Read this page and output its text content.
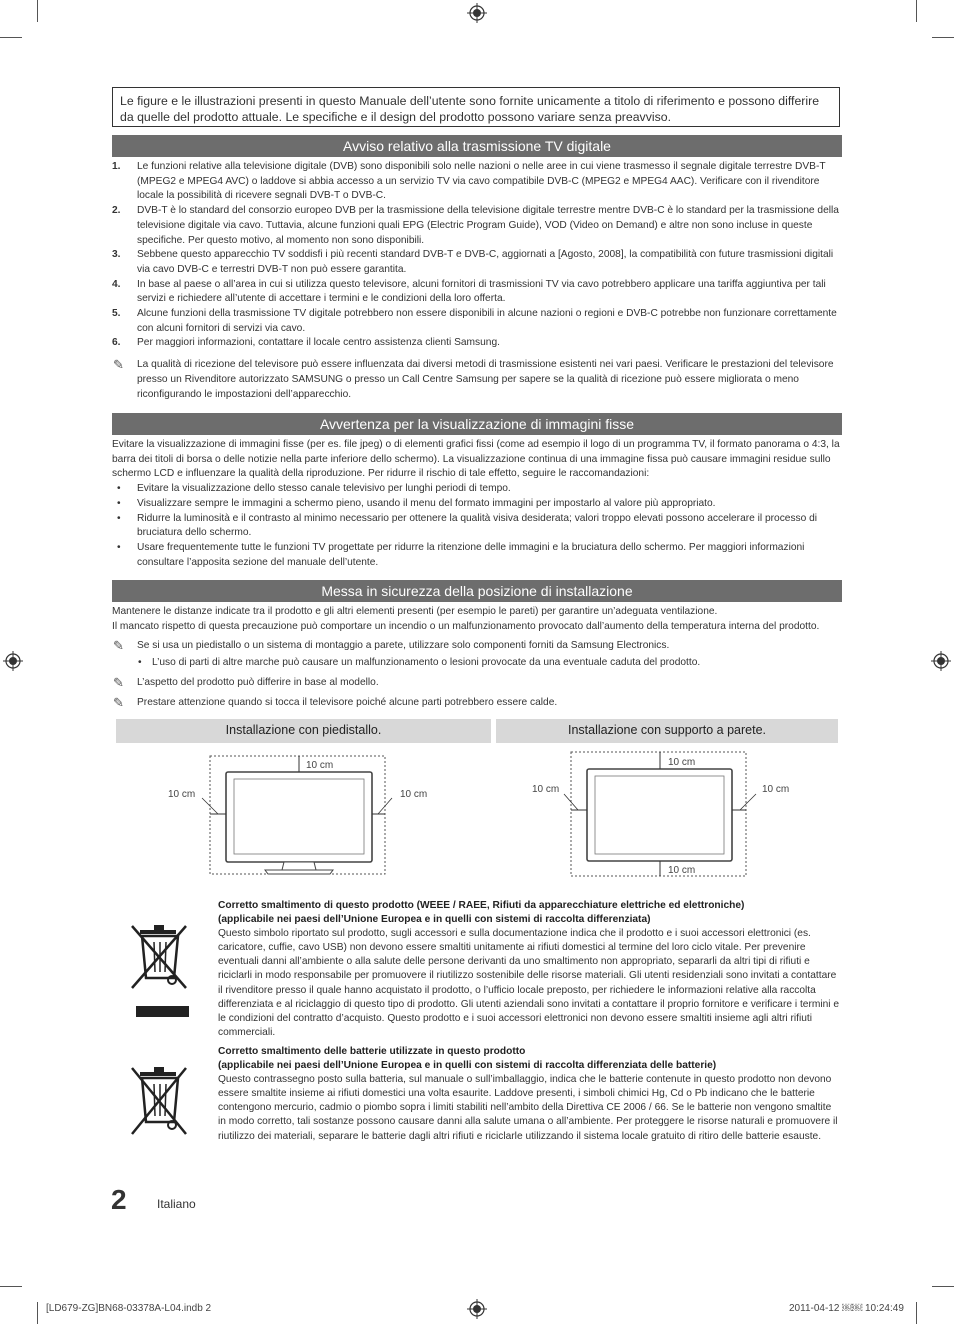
Le figure e le illustrazioni presenti in questo Manuale dell’utente sono fornite unicamente a titolo di riferimento e possono differire da quelle del prodotto attuale. Le specifiche e il design del prodotto possono variare senza preavviso.
Avviso relativo alla trasmissione TV digitale
1. Le funzioni relative alla televisione digitale (DVB) sono disponibili solo nelle nazioni o nelle aree in cui viene trasmesso il segnale digitale terrestre DVB-T (MPEG2 e MPEG4 AVC) o laddove si abbia accesso a un servizio TV via cavo compatibile DVB-C (MPEG2 e MPEG4 AAC). Verificare con il rivenditore locale la possibilità di ricevere segnali DVB-T o DVB-C.

2. DVB-T è lo standard del consorzio europeo DVB per la trasmissione della televisione digitale terrestre mentre DVB-C è lo standard per la trasmissione della televisione digitale via cavo. Tuttavia, alcune funzioni quali EPG (Electric Program Guide), VOD (Video on Demand) e altre non sono incluse in queste specifiche. Per questo motivo, al momento non sono disponibili.

3. Sebbene questo apparecchio TV soddisfi i più recenti standard DVB-T e DVB-C, aggiornati a [Agosto, 2008], la compatibilità con future trasmissioni digitali via cavo DVB-C e terrestri DVB-T non può essere garantita.

4. In base al paese o all’area in cui si utilizza questo televisore, alcuni fornitori di trasmissioni TV via cavo potrebbero applicare una tariffa aggiuntiva per tali servizi e richiedere all’utente di accettare i termini e le condizioni della loro offerta.

5. Alcune funzioni della trasmissione TV digitale potrebbero non essere disponibili in alcune nazioni o regioni e DVB-C potrebbe non funzionare correttamente con alcuni fornitori di servizi via cavo.

6. Per maggiori informazioni, contattare il locale centro assistenza clienti Samsung.

✎ La qualità di ricezione del televisore può essere influenzata dai diversi metodi di trasmissione esistenti nei vari paesi. Verificare le prestazioni del televisore presso un Rivenditore autorizzato SAMSUNG o presso un Call Centre Samsung per sapere se la qualità di ricezione può essere migliorata o meno riconfigurando le impostazioni dell’apparecchio.

Avvertenza per la visualizzazione di immagini fisse

Evitare la visualizzazione di immagini fisse (per es. file jpeg) o di elementi grafici fissi (come ad esempio il logo di un programma TV, il formato panorama o 4:3, la barra dei titoli di borsa o delle notizie nella parte inferiore dello schermo). La visualizzazione continua di una immagine fissa può causare immagini residue sullo schermo LCD e influenzare la qualità della riproduzione. Per ridurre il rischio di tale effetto, seguire le raccomandazioni:

• Evitare la visualizzazione dello stesso canale televisivo per lunghi periodi di tempo.

• Visualizzare sempre le immagini a schermo pieno, usando il menu del formato immagini per impostarlo al valore più appropriato.

• Ridurre la luminosità e il contrasto al minimo necessario per ottenere la qualità visiva desiderata; valori troppo elevati possono accelerare il processo di bruciatura dello schermo.

• Usare frequentemente tutte le funzioni TV progettate per ridurre la ritenzione delle immagini e la bruciatura dello schermo. Per maggiori informazioni consultare l’apposita sezione del manuale dell’utente.

Messa in sicurezza della posizione di installazione

Mantenere le distanze indicate tra il prodotto e gli altri elementi presenti (per esempio le pareti) per garantire un’adeguata ventilazione.

Il mancato rispetto di questa precauzione può comportare un incendio o un malfunzionamento provocato dall’aumento della temperatura interna del prodotto.

✎ Se si usa un piedistallo o un sistema di montaggio a parete, utilizzare solo componenti forniti da Samsung Electronics.

• L’uso di parti di altre marche può causare un malfunzionamento o lesioni provocate da una eventuale caduta del prodotto.

✎ L’aspetto del prodotto può differire in base al modello.

✎ Prestare attenzione quando si tocca il televisore poiché alcune parti potrebbero essere calde.

Installazione con piedistallo.	Installazione con supporto a parete.
10 cm
10 cm	10 cm
10 cm
10 cm
10 cm	10 cm

Corretto smaltimento di questo prodotto (WEEE / RAEE, Rifiuti da apparecchiature elettriche ed elettroniche)

(applicabile nei paesi dell’Unione Europea e in quelli con sistemi di raccolta differenziata)

Questo simbolo riportato sul prodotto, sugli accessori e sulla documentazione indica che il prodotto e i suoi accessori elettronici (es. caricatore, cuffie, cavo USB) non devono essere smaltiti unitamente ai rifiuti domestici al termine del loro ciclo vitale. Per prevenire eventuali danni all’ambiente o alla salute delle persone derivanti da uno smaltimento non appropriato, separarli da altri tipi di rifiuti e riciclarli in modo responsabile per promuovere il riutilizzo sostenibile delle risorse materiali. Gli utenti residenziali sono invitati a contattare il rivenditore presso il quale hanno acquistato il prodotto, o l’ufficio locale preposto, per richiedere le informazioni relative alla raccolta differenziata e al riciclaggio di questo tipo di prodotto. Gli utenti aziendali sono invitati a contattare il proprio fornitore e verificare i termini e le condizioni del contratto d’acquisto. Questo prodotto e i suoi accessori elettronici non devono essere smaltiti insieme agli altri rifiuti commerciali.

Corretto smaltimento delle batterie utilizzate in questo prodotto

(applicabile nei paesi dell’Unione Europea e in quelli con sistemi di raccolta differenziata delle batterie)

Questo contrassegno posto sulla batteria, sul manuale o sull’imballaggio, indica che le batterie contenute in questo prodotto non devono essere smaltite insieme ai rifiuti domestici una volta esaurite. Laddove presenti, i simboli chimici Hg, Cd o Pb indicano che le batterie contengono mercurio, cadmio o piombo sopra i limiti stabiliti nell’ambito della Direttiva CE 2006 / 66. Se le batterie non vengono smaltite in modo corretto, tali sostanze possono causare danni alla salute umana o all’ambiente. Per proteggere le risorse naturali e promuovere il riutilizzo dei materiali, separare le batterie dagli altri rifiuti e riciclarle utilizzando il sistema locale gratuito di ritiro delle batterie esauste.

2	Italiano
[LD679-ZG]BN68-03378A-L04.indb 2	2011-04-12 ￼￼ 10:24:49
